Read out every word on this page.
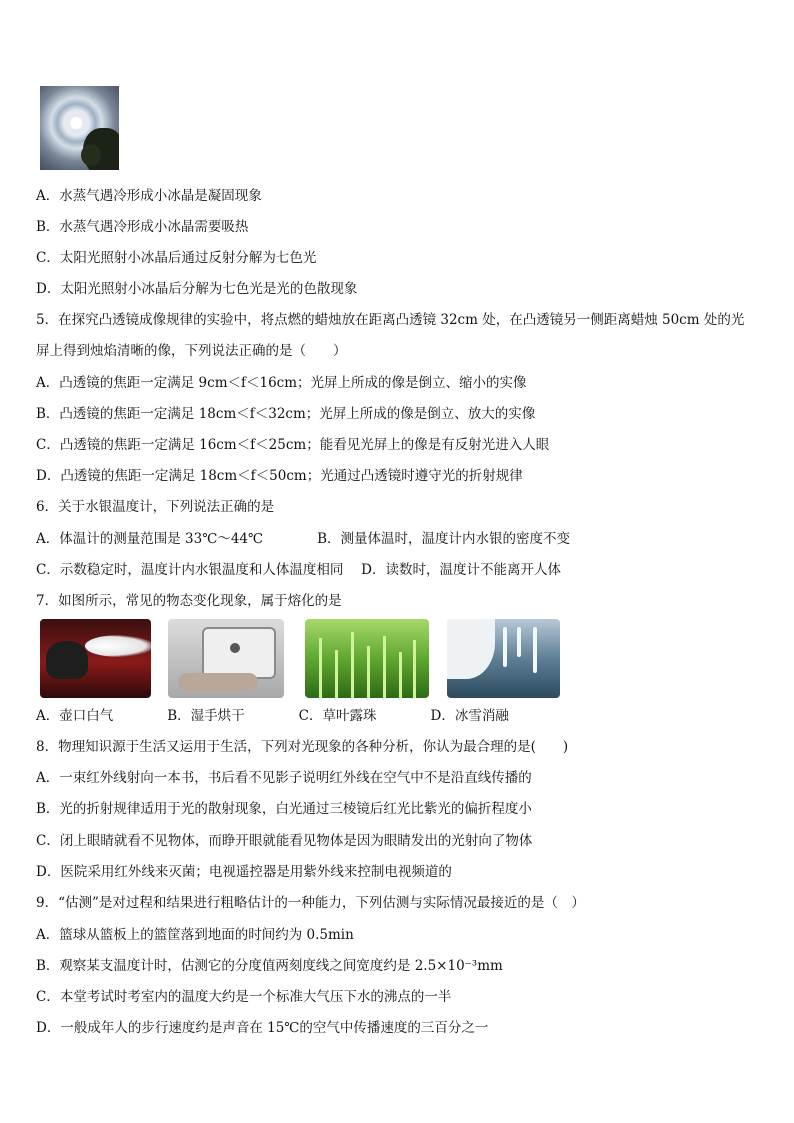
A．水蒸气遇冷形成小冰晶是凝固现象
B．水蒸气遇冷形成小冰晶需要吸热
C．太阳光照射小冰晶后通过反射分解为七色光
D．太阳光照射小冰晶后分解为七色光是光的色散现象
5．在探究凸透镜成像规律的实验中，将点燃的蜡烛放在距离凸透镜 32cm 处，在凸透镜另一侧距离蜡烛 50cm 处的光
屏上得到烛焰清晰的像，下列说法正确的是（　　）
A．凸透镜的焦距一定满足 9cm＜f＜16cm；光屏上所成的像是倒立、缩小的实像
B．凸透镜的焦距一定满足 18cm＜f＜32cm；光屏上所成的像是倒立、放大的实像
C．凸透镜的焦距一定满足 16cm＜f＜25cm；能看见光屏上的像是有反射光进入人眼
D．凸透镜的焦距一定满足 18cm＜f＜50cm；光通过凸透镜时遵守光的折射规律
6．关于水银温度计，下列说法正确的是
A．体温计的测量范围是 33℃～44℃　　　　B．测量体温时，温度计内水银的密度不变
C．示数稳定时，温度计内水银温度和人体温度相同　 D．读数时，温度计不能离开人体
7．如图所示，常见的物态变化现象，属于熔化的是
A．壶口白气　　　　B．湿手烘干　　　　C．草叶露珠　　　　D．冰雪消融
8．物理知识源于生活又运用于生活，下列对光现象的各种分析，你认为最合理的是(　　)
A．一束红外线射向一本书，书后看不见影子说明红外线在空气中不是沿直线传播的
B．光的折射规律适用于光的散射现象，白光通过三棱镜后红光比紫光的偏折程度小
C．闭上眼睛就看不见物体，而睁开眼就能看见物体是因为眼睛发出的光射向了物体
D．医院采用红外线来灭菌；电视遥控器是用紫外线来控制电视频道的
9．“估测”是对过程和结果进行粗略估计的一种能力，下列估测与实际情况最接近的是（　）
A．篮球从篮板上的篮筐落到地面的时间约为 0.5min
B．观察某支温度计时，估测它的分度值两刻度线之间宽度约是 2.5×10⁻³mm
C．本堂考试时考室内的温度大约是一个标准大气压下水的沸点的一半
D．一般成年人的步行速度约是声音在 15℃的空气中传播速度的三百分之一
